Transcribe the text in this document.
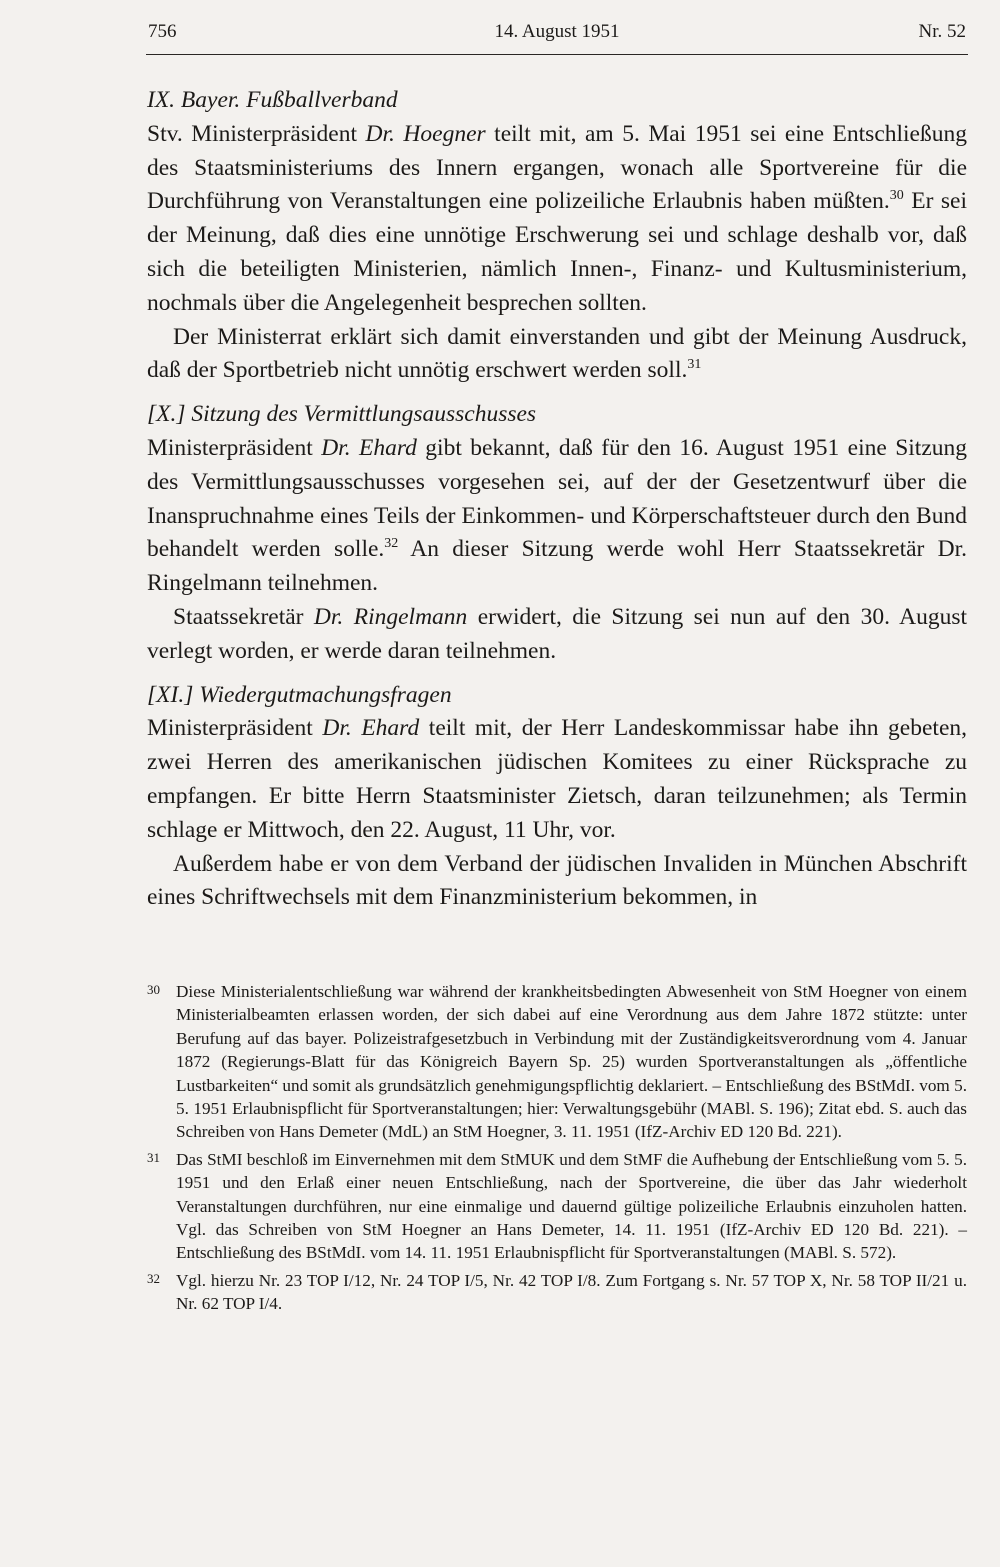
756	14. August 1951	Nr. 52

IX. Bayer. Fußballverband

Stv. Ministerpräsident Dr. Hoegner teilt mit, am 5. Mai 1951 sei eine Entschließung des Staatsministeriums des Innern ergangen, wonach alle Sportvereine für die Durchführung von Veranstaltungen eine polizeiliche Erlaubnis haben müßten.$^{30}$ Er sei der Meinung, daß dies eine unnötige Erschwerung sei und schlage deshalb vor, daß sich die beteiligten Ministerien, nämlich Innen-, Finanz- und Kultusministerium, nochmals über die Angelegenheit besprechen sollten.

Der Ministerrat erklärt sich damit einverstanden und gibt der Meinung Ausdruck, daß der Sportbetrieb nicht unnötig erschwert werden soll.$^{31}$

[X.] Sitzung des Vermittlungsausschusses

Ministerpräsident Dr. Ehard gibt bekannt, daß für den 16. August 1951 eine Sitzung des Vermittlungsausschusses vorgesehen sei, auf der der Gesetzentwurf über die Inanspruchnahme eines Teils der Einkommen- und Körperschaftsteuer durch den Bund behandelt werden solle.$^{32}$ An dieser Sitzung werde wohl Herr Staatssekretär Dr. Ringelmann teilnehmen.

Staatssekretär Dr. Ringelmann erwidert, die Sitzung sei nun auf den 30. August verlegt worden, er werde daran teilnehmen.

[XI.] Wiedergutmachungsfragen

Ministerpräsident Dr. Ehard teilt mit, der Herr Landeskommissar habe ihn gebeten, zwei Herren des amerikanischen jüdischen Komitees zu einer Rücksprache zu empfangen. Er bitte Herrn Staatsminister Zietsch, daran teilzunehmen; als Termin schlage er Mittwoch, den 22. August, 11 Uhr, vor.

Außerdem habe er von dem Verband der jüdischen Invaliden in München Abschrift eines Schriftwechsels mit dem Finanzministerium bekommen, in

30 Diese Ministerialentschließung war während der krankheitsbedingten Abwesenheit von StM Hoegner von einem Ministerialbeamten erlassen worden, der sich dabei auf eine Verordnung aus dem Jahre 1872 stützte: unter Berufung auf das bayer. Polizeistrafgesetzbuch in Verbindung mit der Zuständigkeitsverordnung vom 4. Januar 1872 (Regierungs-Blatt für das Königreich Bayern Sp. 25) wurden Sportveranstaltungen als „öffentliche Lustbarkeiten“ und somit als grundsätzlich genehmigungspflichtig deklariert. – Entschließung des BStMdI. vom 5. 5. 1951 Erlaubnispflicht für Sportveranstaltungen; hier: Verwaltungsgebühr (MABl. S. 196); Zitat ebd. S. auch das Schreiben von Hans Demeter (MdL) an StM Hoegner, 3. 11. 1951 (IfZ-Archiv ED 120 Bd. 221).
31 Das StMI beschloß im Einvernehmen mit dem StMUK und dem StMF die Aufhebung der Entschließung vom 5. 5. 1951 und den Erlaß einer neuen Entschließung, nach der Sportvereine, die über das Jahr wiederholt Veranstaltungen durchführen, nur eine einmalige und dauernd gültige polizeiliche Erlaubnis einzuholen hatten. Vgl. das Schreiben von StM Hoegner an Hans Demeter, 14. 11. 1951 (IfZ-Archiv ED 120 Bd. 221). – Entschließung des BStMdI. vom 14. 11. 1951 Erlaubnispflicht für Sportveranstaltungen (MABl. S. 572).
32 Vgl. hierzu Nr. 23 TOP I/12, Nr. 24 TOP I/5, Nr. 42 TOP I/8. Zum Fortgang s. Nr. 57 TOP X, Nr. 58 TOP II/21 u. Nr. 62 TOP I/4.
